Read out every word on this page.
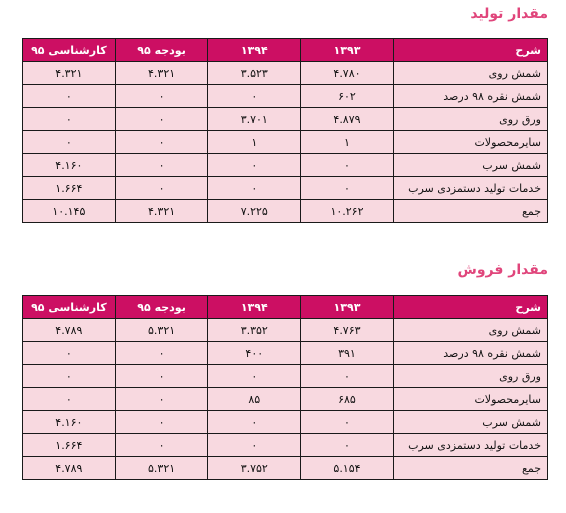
مقدار تولید
شرح	۱۳۹۳	۱۳۹۴	بودجه ۹۵	کارشناسی ۹۵
شمش روی	۴.۷۸۰	۳.۵۲۳	۴.۳۲۱	۴.۳۲۱
شمش نقره ۹۸ درصد	۶۰۲	۰	۰	۰
ورق روی	۴.۸۷۹	۳.۷۰۱	۰	۰
سایرمحصولات	۱	۱	۰	۰
شمش سرب	۰	۰	۰	۴.۱۶۰
خدمات تولید دستمزدی سرب	۰	۰	۰	۱.۶۶۴
جمع	۱۰.۲۶۲	۷.۲۲۵	۴.۳۲۱	۱۰.۱۴۵
مقدار فروش
شرح	۱۳۹۳	۱۳۹۴	بودجه ۹۵	کارشناسی ۹۵
شمش روی	۴.۷۶۳	۳.۳۵۲	۵.۳۲۱	۴.۷۸۹
شمش نقره ۹۸ درصد	۳۹۱	۴۰۰	۰	۰
ورق روی	۰	۰	۰	۰
سایرمحصولات	۶۸۵	۸۵	۰	۰
شمش سرب	۰	۰	۰	۴.۱۶۰
خدمات تولید دستمزدی سرب	۰	۰	۰	۱.۶۶۴
جمع	۵.۱۵۴	۳.۷۵۲	۵.۳۲۱	۴.۷۸۹
